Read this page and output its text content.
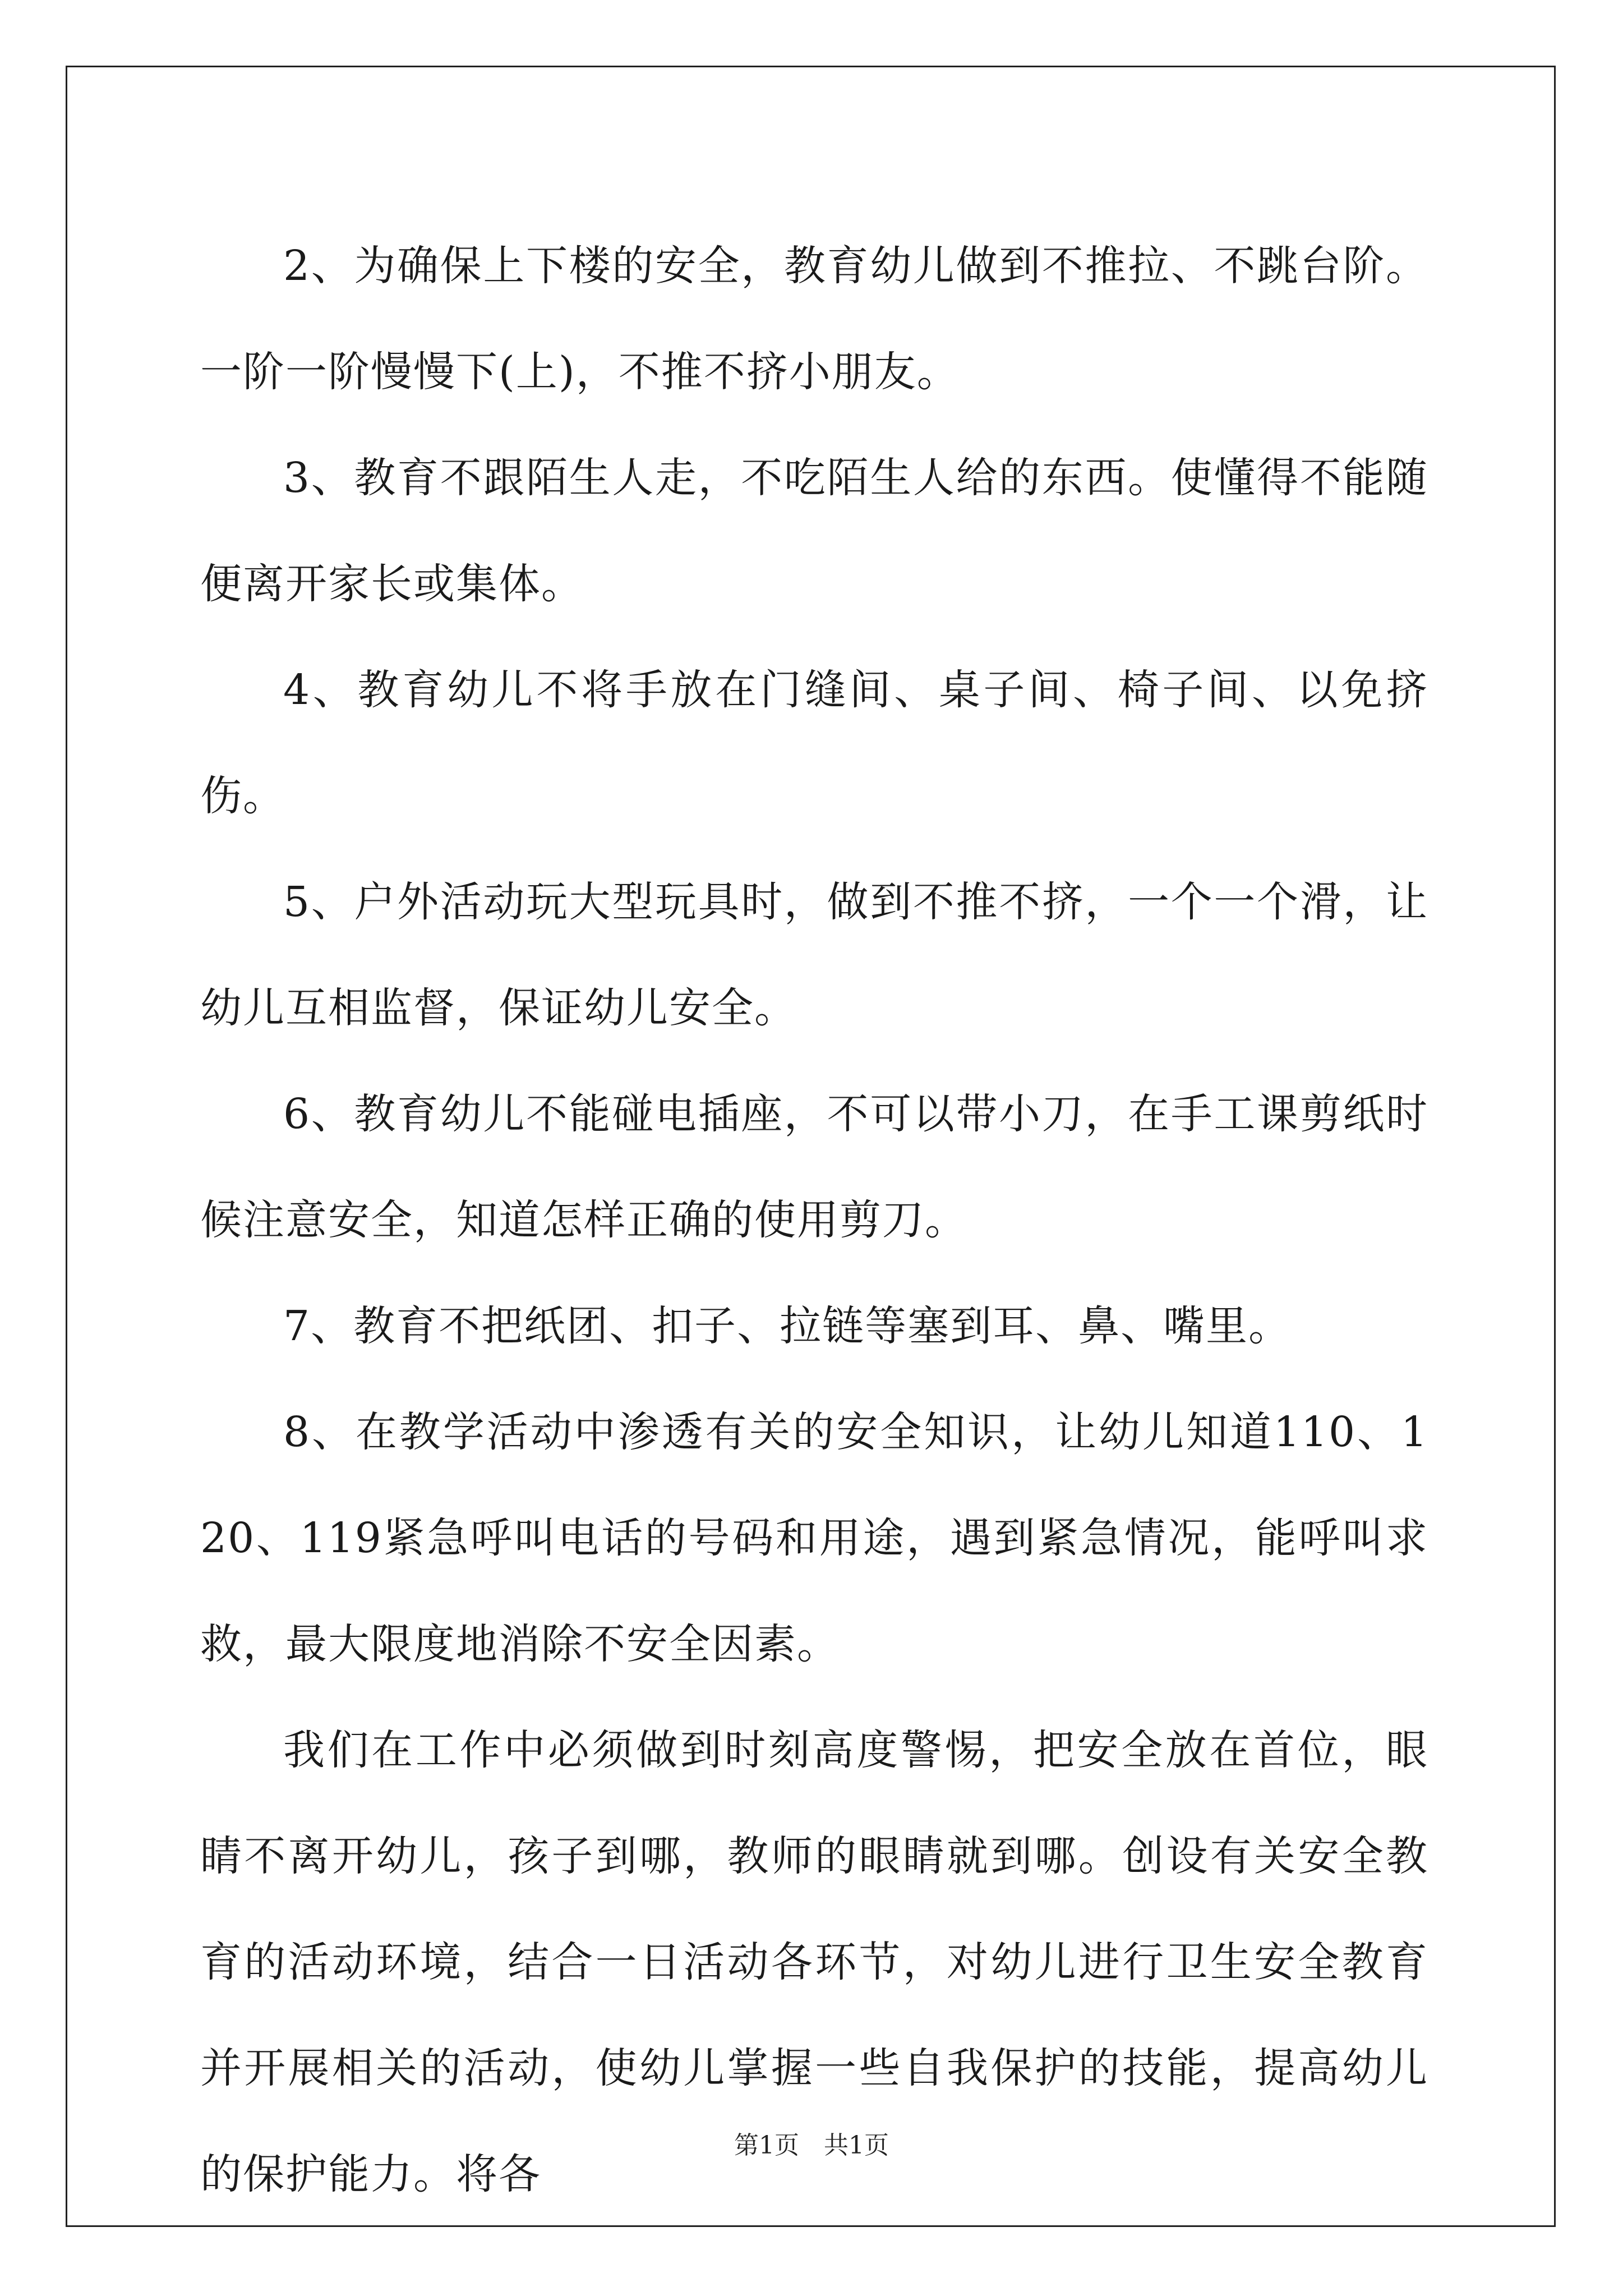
2、为确保上下楼的安全，教育幼儿做到不推拉、不跳台阶。一阶一阶慢慢下(上)，不推不挤小朋友。

3、教育不跟陌生人走，不吃陌生人给的东西。使懂得不能随便离开家长或集体。

4、教育幼儿不将手放在门缝间、桌子间、椅子间、以免挤伤。

5、户外活动玩大型玩具时，做到不推不挤，一个一个滑，让幼儿互相监督，保证幼儿安全。

6、教育幼儿不能碰电插座，不可以带小刀，在手工课剪纸时候注意安全，知道怎样正确的使用剪刀。

7、教育不把纸团、扣子、拉链等塞到耳、鼻、嘴里。

8、在教学活动中渗透有关的安全知识，让幼儿知道110、120、119紧急呼叫电话的号码和用途，遇到紧急情况，能呼叫求救，最大限度地消除不安全因素。

我们在工作中必须做到时刻高度警惕，把安全放在首位，眼睛不离开幼儿，孩子到哪，教师的眼睛就到哪。创设有关安全教育的活动环境，结合一日活动各环节，对幼儿进行卫生安全教育并开展相关的活动，使幼儿掌握一些自我保护的技能，提高幼儿的保护能力。将各

第1页 共1页
